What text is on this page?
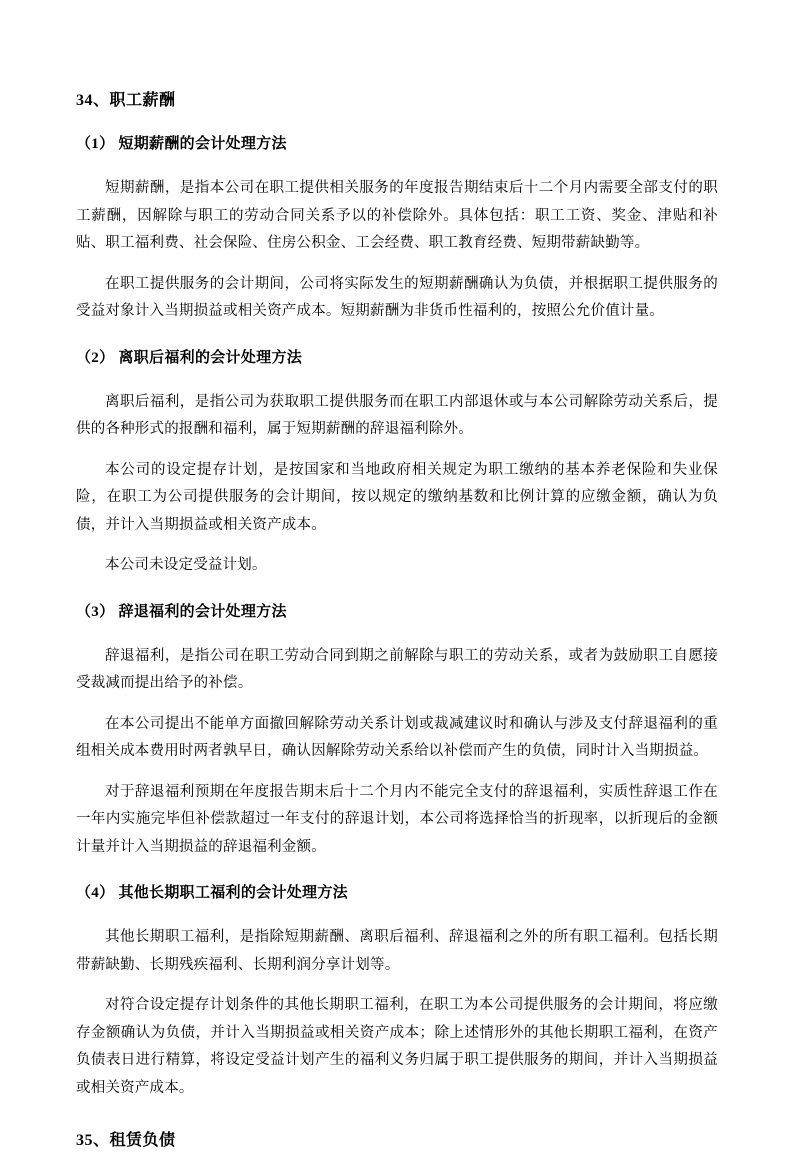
34、职工薪酬
（1） 短期薪酬的会计处理方法

短期薪酬，是指本公司在职工提供相关服务的年度报告期结束后十二个月内需要全部支付的职工薪酬，因解除与职工的劳动合同关系予以的补偿除外。具体包括：职工工资、奖金、津贴和补贴、职工福利费、社会保险、住房公积金、工会经费、职工教育经费、短期带薪缺勤等。

在职工提供服务的会计期间，公司将实际发生的短期薪酬确认为负债，并根据职工提供服务的受益对象计入当期损益或相关资产成本。短期薪酬为非货币性福利的，按照公允价值计量。

（2） 离职后福利的会计处理方法

离职后福利，是指公司为获取职工提供服务而在职工内部退休或与本公司解除劳动关系后，提供的各种形式的报酬和福利，属于短期薪酬的辞退福利除外。

本公司的设定提存计划，是按国家和当地政府相关规定为职工缴纳的基本养老保险和失业保险，在职工为公司提供服务的会计期间，按以规定的缴纳基数和比例计算的应缴金额，确认为负债，并计入当期损益或相关资产成本。

本公司未设定受益计划。

（3） 辞退福利的会计处理方法

辞退福利，是指公司在职工劳动合同到期之前解除与职工的劳动关系，或者为鼓励职工自愿接受裁减而提出给予的补偿。

在本公司提出不能单方面撤回解除劳动关系计划或裁减建议时和确认与涉及支付辞退福利的重组相关成本费用时两者孰早日，确认因解除劳动关系给以补偿而产生的负债，同时计入当期损益。

对于辞退福利预期在年度报告期末后十二个月内不能完全支付的辞退福利，实质性辞退工作在一年内实施完毕但补偿款超过一年支付的辞退计划，本公司将选择恰当的折现率，以折现后的金额计量并计入当期损益的辞退福利金额。

（4） 其他长期职工福利的会计处理方法

其他长期职工福利，是指除短期薪酬、离职后福利、辞退福利之外的所有职工福利。包括长期带薪缺勤、长期残疾福利、长期利润分享计划等。

对符合设定提存计划条件的其他长期职工福利，在职工为本公司提供服务的会计期间，将应缴存金额确认为负债，并计入当期损益或相关资产成本；除上述情形外的其他长期职工福利，在资产负债表日进行精算，将设定受益计划产生的福利义务归属于职工提供服务的期间，并计入当期损益或相关资产成本。

35、租赁负债
